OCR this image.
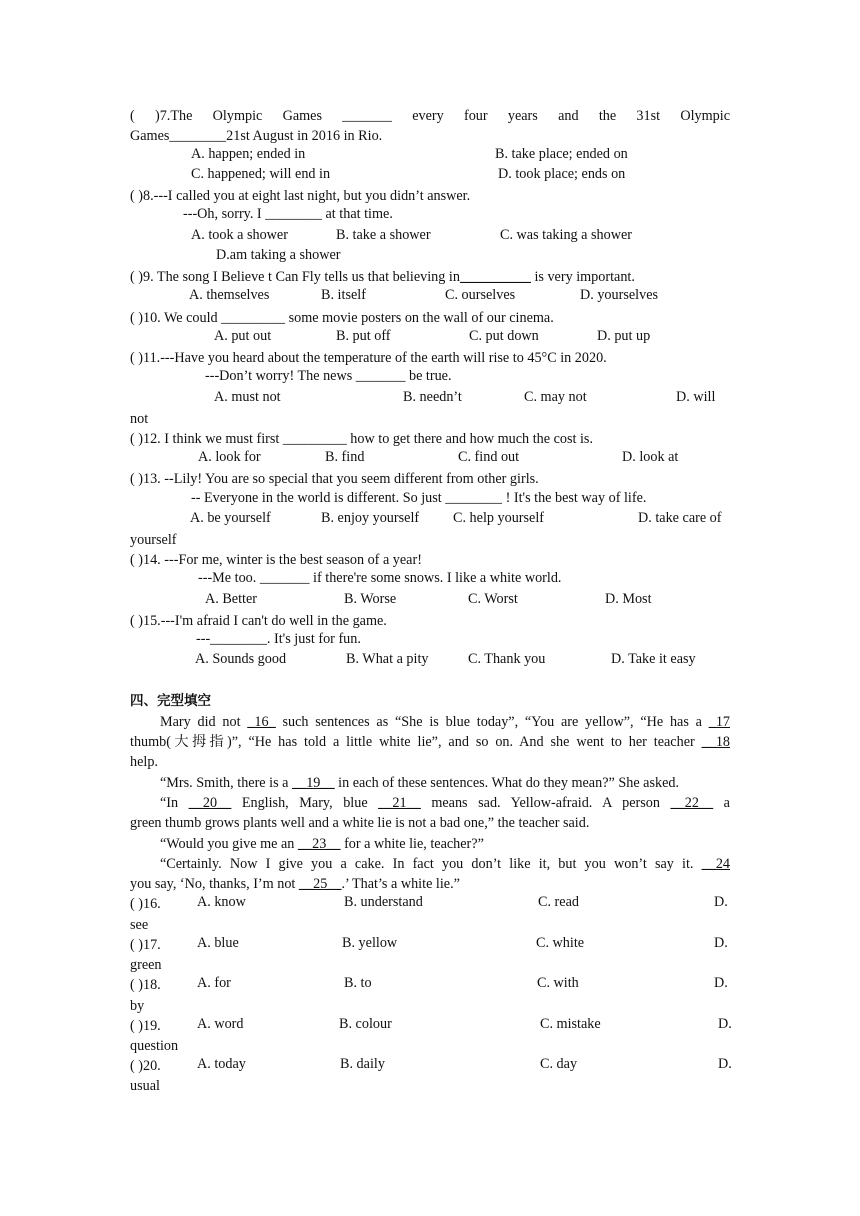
( )7.The Olympic Games _______ every four years and the 31st Olympic
Games________21st August in 2016 in Rio.
A. happen; ended in	B. take place; ended on
C. happened; will end in	D. took place; ends on
( )8.---I called you at eight last night, but you didn’t answer.
---Oh, sorry. I ________ at that time.
A. took a shower	B. take a shower	C. was taking a shower
D.am taking a shower
( )9. The song I Believe t Can Fly tells us that believing in__________ is very important.
A. themselves	B. itself	C. ourselves	D. yourselves
( )10. We could _________ some movie posters on the wall of our cinema.
A. put out	B. put off	C. put down	D. put up
( )11.---Have you heard about the temperature of the earth will rise to 45°C in 2020.
---Don’t worry! The news _______ be true.
A. must not	B. needn’t	C. may not	D. will
not
( )12. I think we must first _________ how to get there and how much the cost is.
A. look for	B. find	C. find out	D. look at
( )13. --Lily! You are so special that you seem different from other girls.
-- Everyone in the world is different. So just ________ ! It's the best way of life.
A. be yourself	B. enjoy yourself C. help yourself	D. take care of
yourself
( )14. ---For me, winter is the best season of a year!
---Me too. _______ if there're some snows. I like a white world.
A. Better	B. Worse	C. Worst	D. Most
( )15.---I'm afraid I can't do well in the game.
---________. It's just for fun.
A. Sounds good	B. What a pity	C. Thank you	D. Take it easy
四、完型填空
Mary did not _16_ such sentences as “She is blue today”, “You are yellow”, “He has a _17
thumb(大拇指)”, “He has told a little white lie”, and so on. And she went to her teacher __18
help.
“Mrs. Smith, there is a __19__ in each of these sentences. What do they mean?” She asked.
“In __20__ English, Mary, blue __21__ means sad. Yellow-afraid. A person __22__ a
green thumb grows plants well and a white lie is not a bad one,” the teacher said.
“Would you give me an __23__ for a white lie, teacher?”
“Certainly. Now I give you a cake. In fact you don’t like it, but you won’t say it. __24
you say, ‘No, thanks, I’m not __25__.’ That’s a white lie.”
( )16.	A. know	B. understand	C. read	D.
see
( )17.	A. blue	B. yellow	C. white	D.
green
( )18.	A. for	B. to	C. with	D.
by
( )19.	A. word	B. colour	C. mistake	D.
question
( )20.	A. today	B. daily	C. day	D.
usual
